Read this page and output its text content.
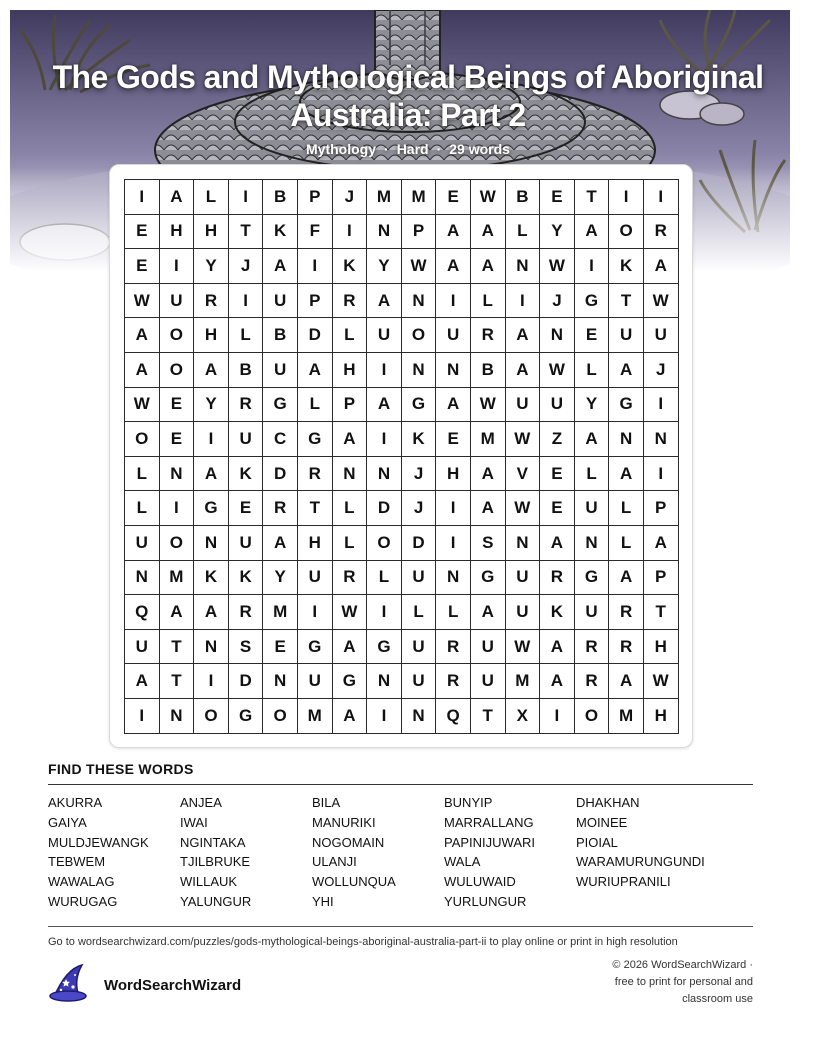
The Gods and Mythological Beings of Aboriginal
Australia: Part 2
Mythology · Hard · 29 words
I	A	L	I	B	P	J	M	M	E	W	B	E	T	I	I
E	H	H	T	K	F	I	N	P	A	A	L	Y	A	O	R
E	I	Y	J	A	I	K	Y	W	A	A	N	W	I	K	A
W	U	R	I	U	P	R	A	N	I	L	I	J	G	T	W
A	O	H	L	B	D	L	U	O	U	R	A	N	E	U	U
A	O	A	B	U	A	H	I	N	N	B	A	W	L	A	J
W	E	Y	R	G	L	P	A	G	A	W	U	U	Y	G	I
O	E	I	U	C	G	A	I	K	E	M	W	Z	A	N	N
L	N	A	K	D	R	N	N	J	H	A	V	E	L	A	I
L	I	G	E	R	T	L	D	J	I	A	W	E	U	L	P
U	O	N	U	A	H	L	O	D	I	S	N	A	N	L	A
N	M	K	K	Y	U	R	L	U	N	G	U	R	G	A	P
Q	A	A	R	M	I	W	I	L	L	A	U	K	U	R	T
U	T	N	S	E	G	A	G	U	R	U	W	A	R	R	H
A	T	I	D	N	U	G	N	U	R	U	M	A	R	A	W
I	N	O	G	O	M	A	I	N	Q	T	X	I	O	M	H
FIND THESE WORDS
AKURRA	ANJEA	BILA	BUNYIP	DHAKHAN
GAIYA	IWAI	MANURIKI	MARRALLANG	MOINEE
MULDJEWANGK	NGINTAKA	NOGOMAIN	PAPINIJUWARI	PIOIAL
TEBWEM	TJILBRUKE	ULANJI	WALA	WARAMURUNGUNDI
WAWALAG	WILLAUK	WOLLUNQUA	WULUWAID	WURIUPRANILI
WURUGAG	YALUNGUR	YHI	YURLUNGUR
Go to wordsearchwizard.com/puzzles/gods-mythological-beings-aboriginal-australia-part-ii to play online or print in high resolution
WordSearchWizard
© 2026 WordSearchWizard ·
free to print for personal and
classroom use
